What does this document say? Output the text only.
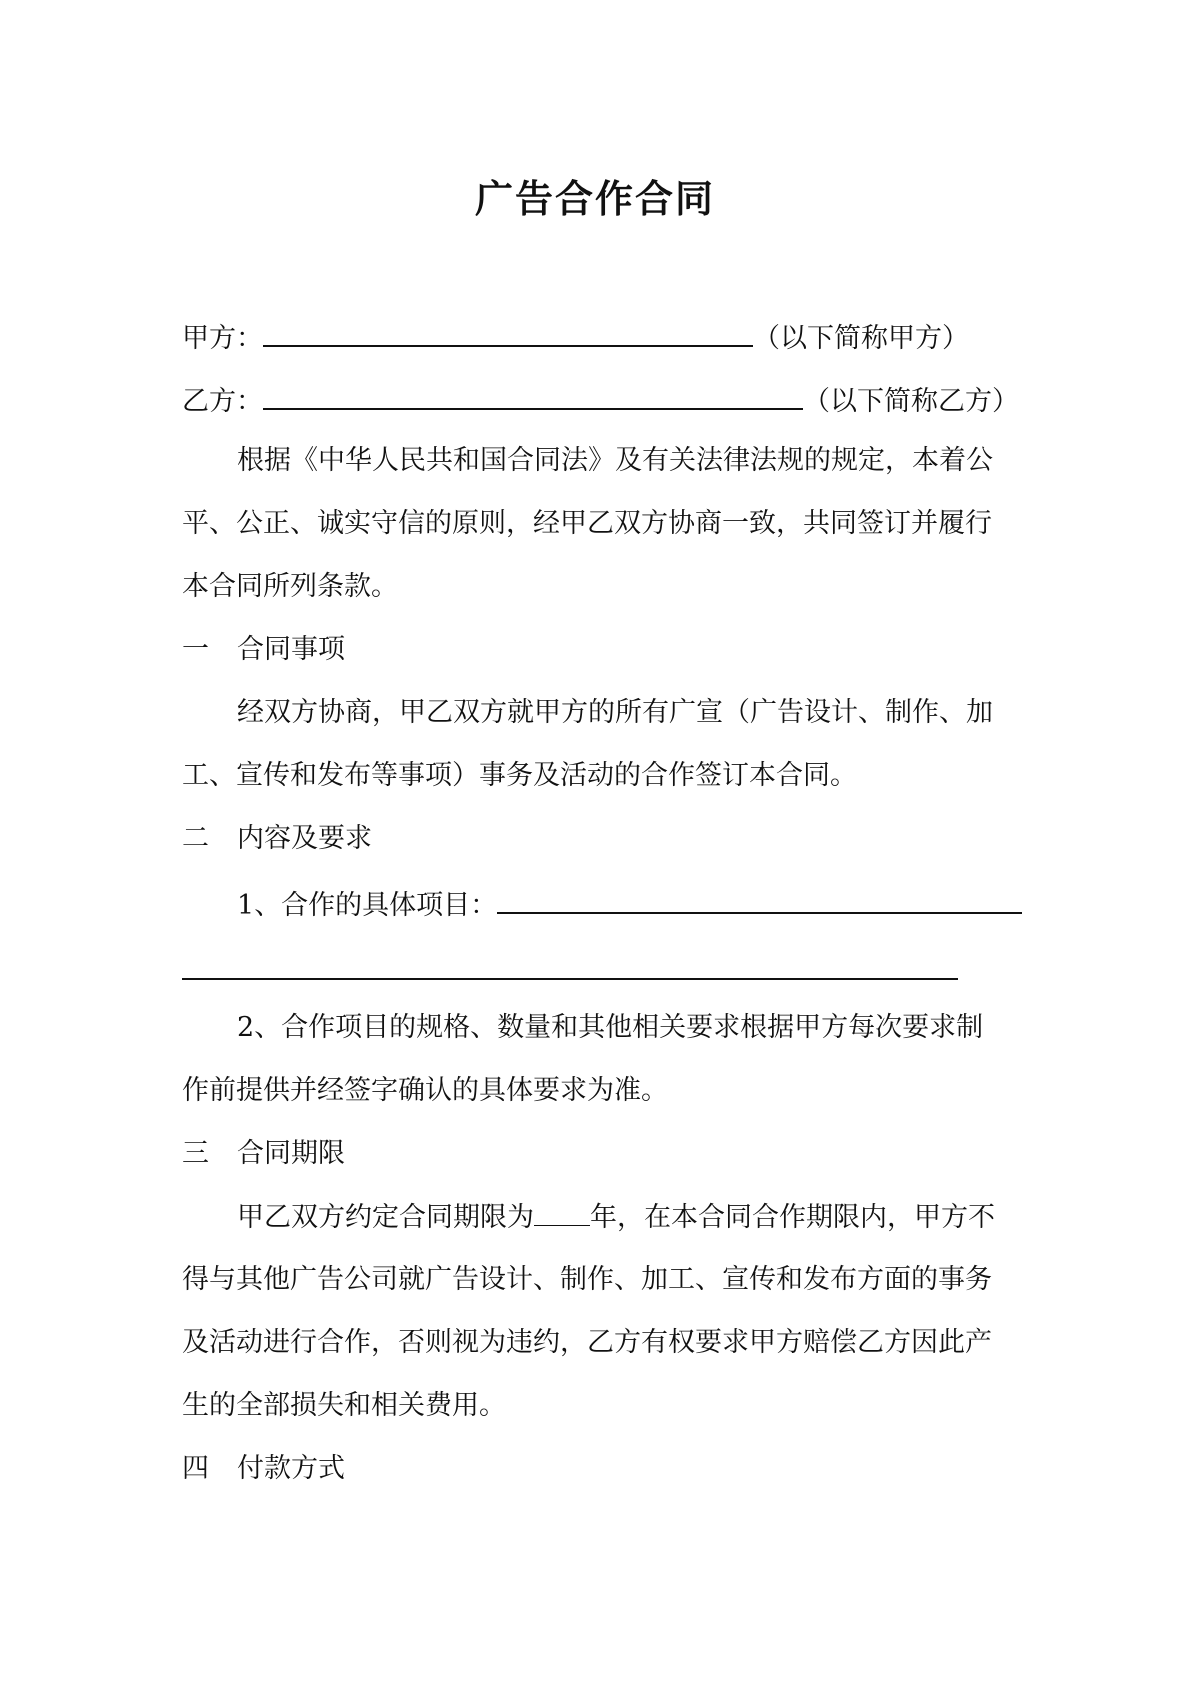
广告合作合同
甲方：	（以下简称甲方）
乙方：	（以下简称乙方）
根据《中华人民共和国合同法》及有关法律法规的规定，本着公
平、公正、诚实守信的原则，经甲乙双方协商一致，共同签订并履行
本合同所列条款。
一 合同事项
经双方协商，甲乙双方就甲方的所有广宣（广告设计、制作、加
工、宣传和发布等事项）事务及活动的合作签订本合同。
二 内容及要求
1、合作的具体项目：
2、合作项目的规格、数量和其他相关要求根据甲方每次要求制
作前提供并经签字确认的具体要求为准。
三 合同期限
甲乙双方约定合同期限为 年，在本合同合作期限内，甲方不
得与其他广告公司就广告设计、制作、加工、宣传和发布方面的事务
及活动进行合作，否则视为违约，乙方有权要求甲方赔偿乙方因此产
生的全部损失和相关费用。
四 付款方式
